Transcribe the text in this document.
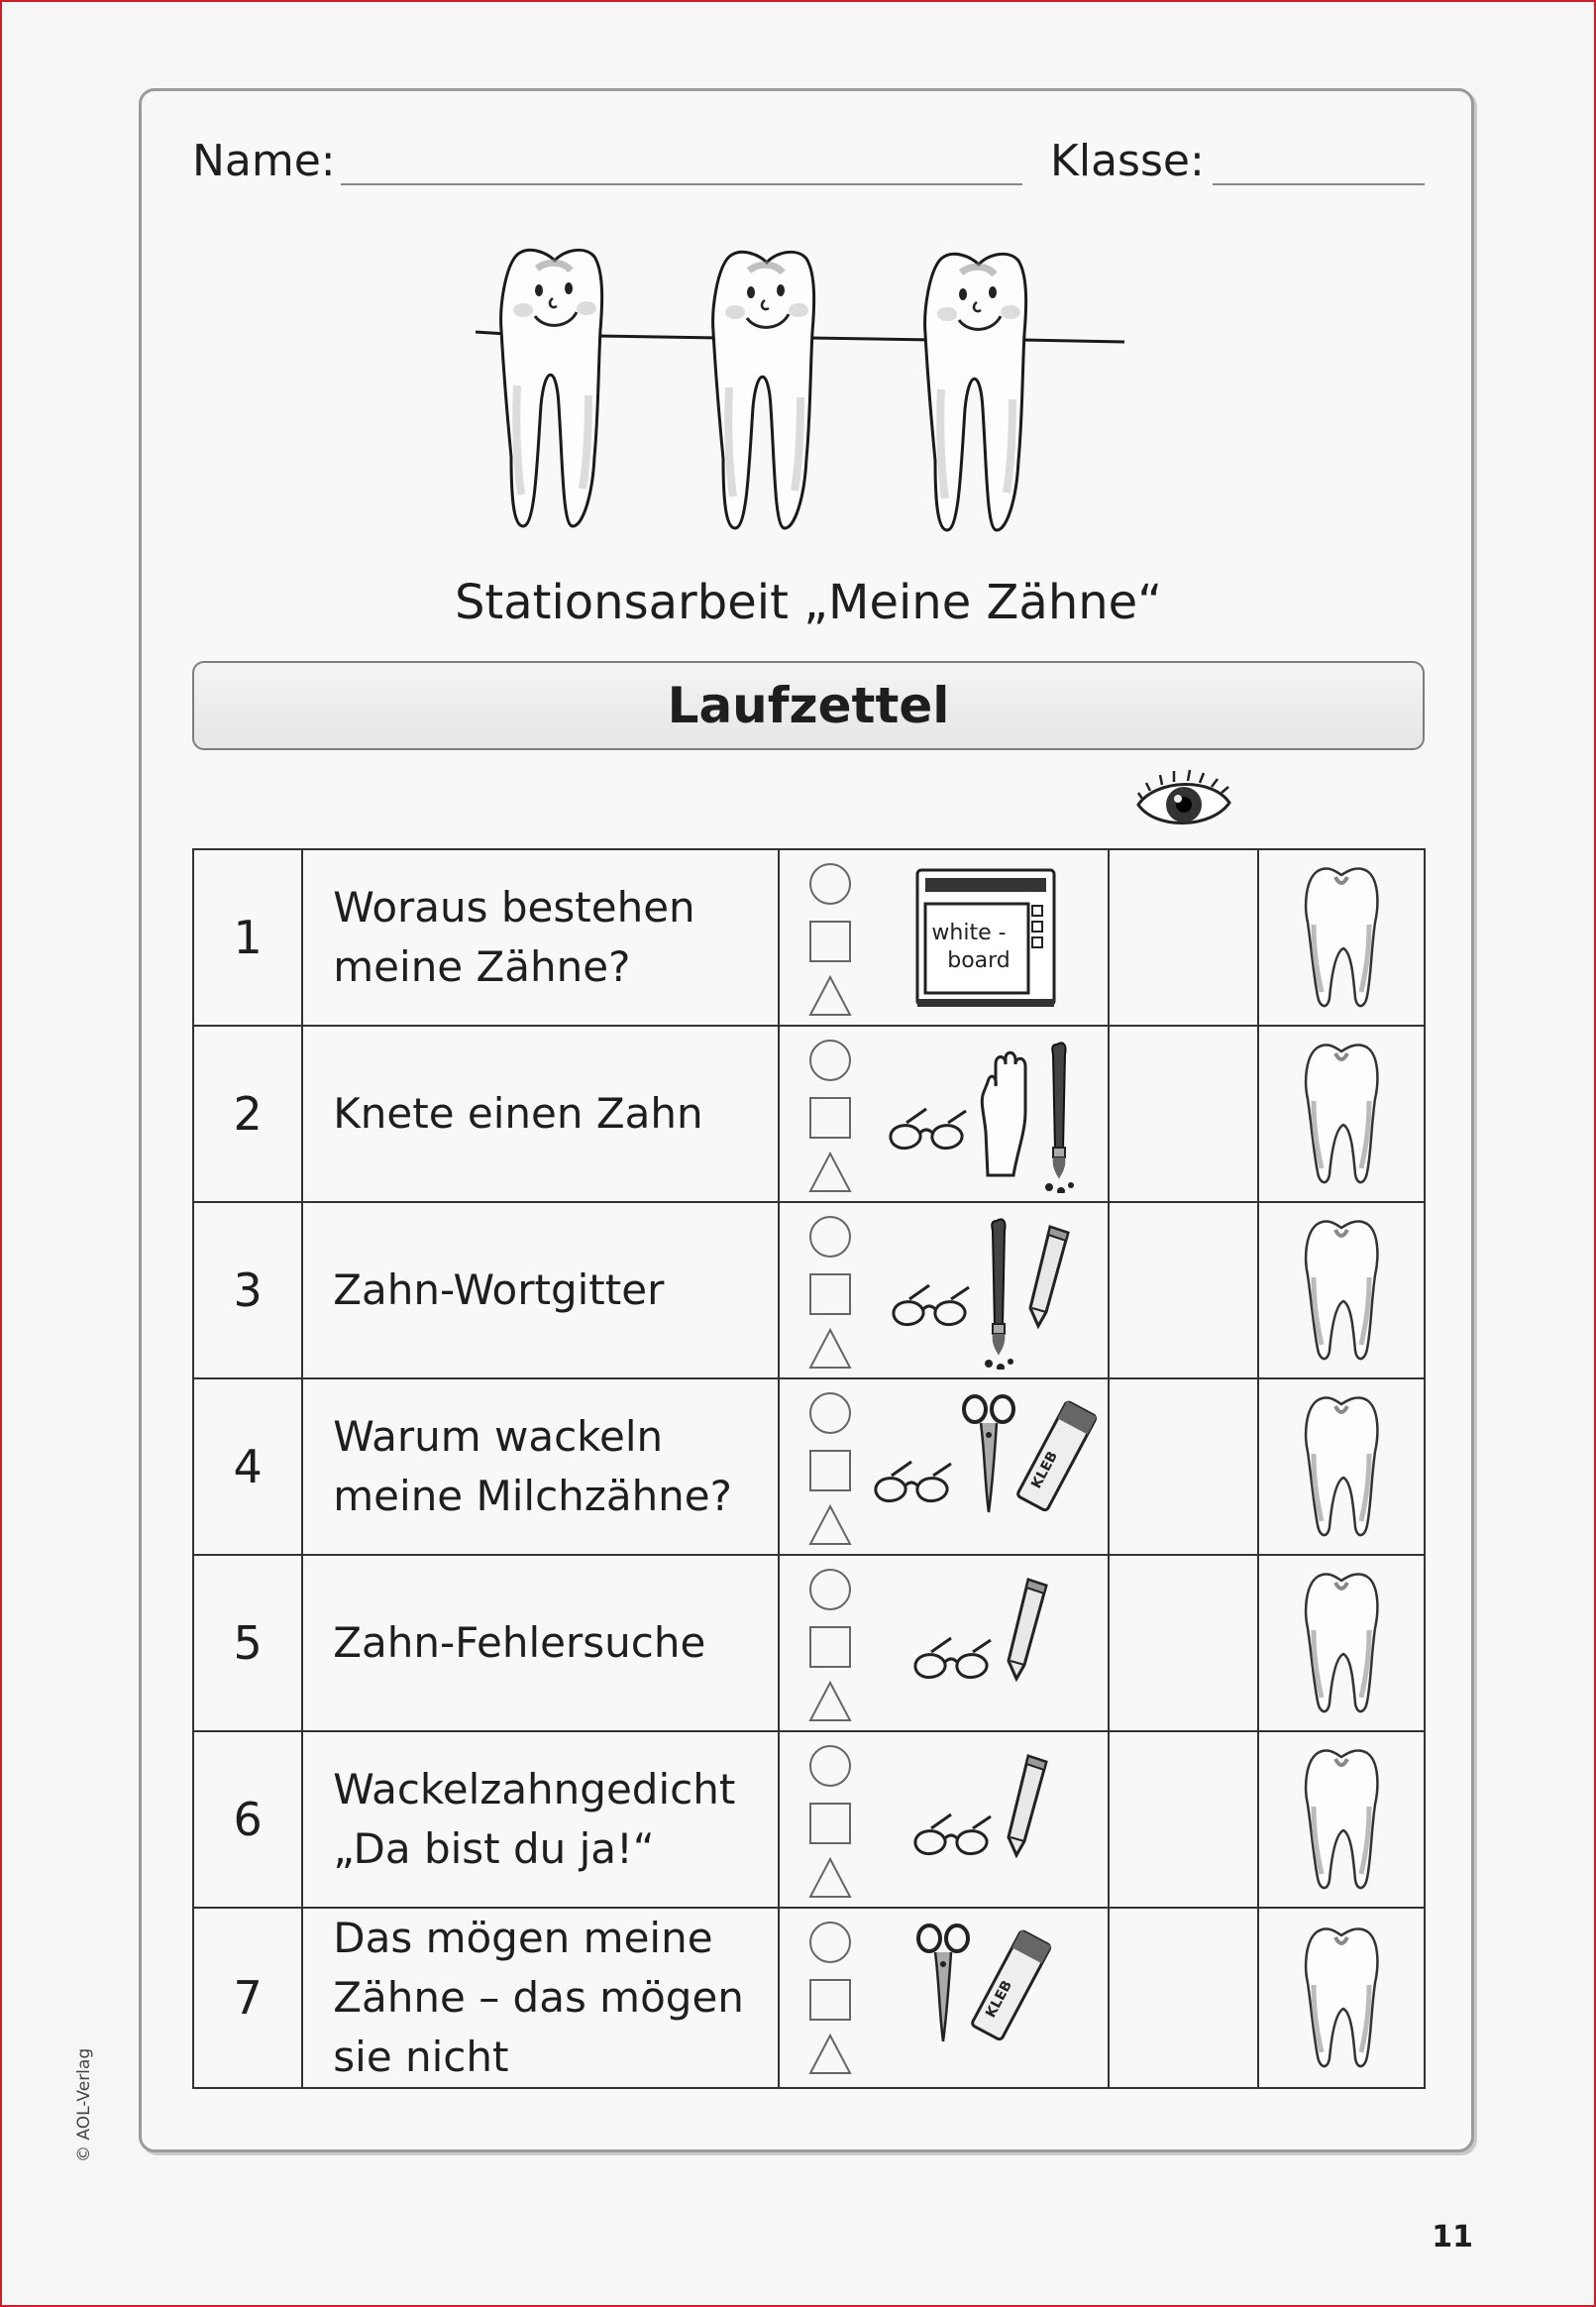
Name:	Klasse:
Stationsarbeit „Meine Zähne“
Laufzettel
1	Woraus bestehen meine Zähne?	white -
board

2	Knete einen Zahn	

3	Zahn-Wortgitter	

4	Warum wackeln meine Milchzähne?	KLEB

5	Zahn-Fehlersuche	

6	Wackelzahngedicht „Da bist du ja!“	

7	Das mögen meine Zähne – das mögen sie nicht	KLEB

© AOL-Verlag
11
